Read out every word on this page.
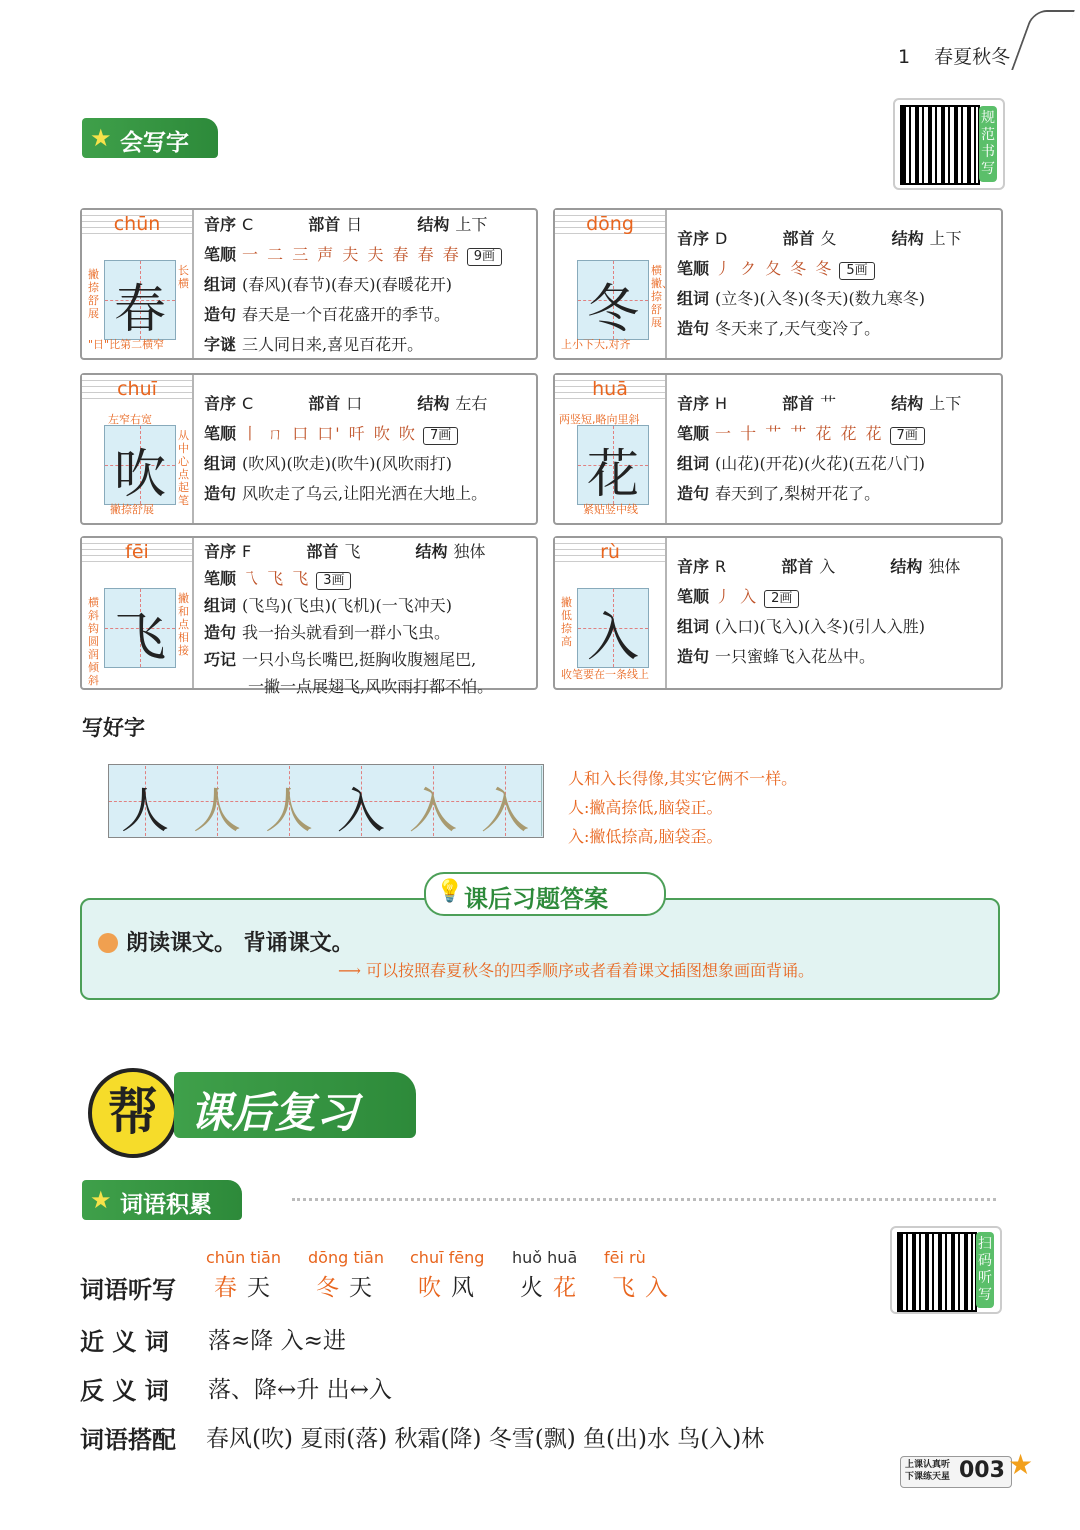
1 春夏秋冬
★ 会写字
规范书写
chūn
春
撇捺舒展
长横
"日"比第二横窄
音序 C	部首 日	结构 上下
笔顺 一 二 三 声 夫 夫 春 春 春 9画
组词 (春风)(春节)(春天)(春暖花开)
造句 春天是一个百花盛开的季节。
字谜 三人同日来,喜见百花开。
dōng
冬
横撇、捺舒展
上小下大,对齐
音序 D	部首 夂	结构 上下
笔顺 丿 ク 夂 冬 冬 5画
组词 (立冬)(入冬)(冬天)(数九寒冬)
造句 冬天来了,天气变冷了。
chuī
吹
从中心点起笔
左窄右宽
撇捺舒展
音序 C	部首 口	结构 左右
笔顺 丨 ㄇ 口 口' 吀 吹 吹 7画
组词 (吹风)(吹走)(吹牛)(风吹雨打)
造句 风吹走了乌云,让阳光洒在大地上。
huā
花
两竖短,略向里斜
紧贴竖中线
音序 H	部首 艹	结构 上下
笔顺 一 十 艹 艹 花 花 花 7画
组词 (山花)(开花)(火花)(五花八门)
造句 春天到了,梨树开花了。
fēi
飞
横斜钩圆润倾斜
撇和点相接
音序 F	部首 飞	结构 独体
笔顺 乁 飞 飞 3画
组词 (飞鸟)(飞虫)(飞机)(一飞冲天)
造句 我一抬头就看到一群小飞虫。
巧记 一只小鸟长嘴巴,挺胸收腹翘尾巴,
一撇一点展翅飞,风吹雨打都不怕。
rù
入
撇低捺高
收笔要在一条线上
音序 R	部首 入	结构 独体
笔顺 丿 入 2画
组词 (入口)(飞入)(入冬)(引人入胜)
造句 一只蜜蜂飞入花丛中。
写好字
人 人 人 入 入 入
人和入长得像,其实它俩不一样。
人:撇高捺低,脑袋正。
入:撇低捺高,脑袋歪。
💡 课后习题答案
朗读课文。 背诵课文。
⟶ 可以按照春夏秋冬的四季顺序或者看着课文插图想象画面背诵。
帮 课后复习
★ 词语积累
扫码听写
词语听写
chūn tiān
春天
dōng tiān
冬天
chuī fēng
吹风
huǒ huā
火花
fēi rù
飞入
近 义 词 落≈降 入≈进
反 义 词 落、降↔升 出↔入
词语搭配 春风(吹) 夏雨(落) 秋霜(降) 冬雪(飘) 鱼(出)水 鸟(入)林
上课认真听
下课练天星 003 ★
